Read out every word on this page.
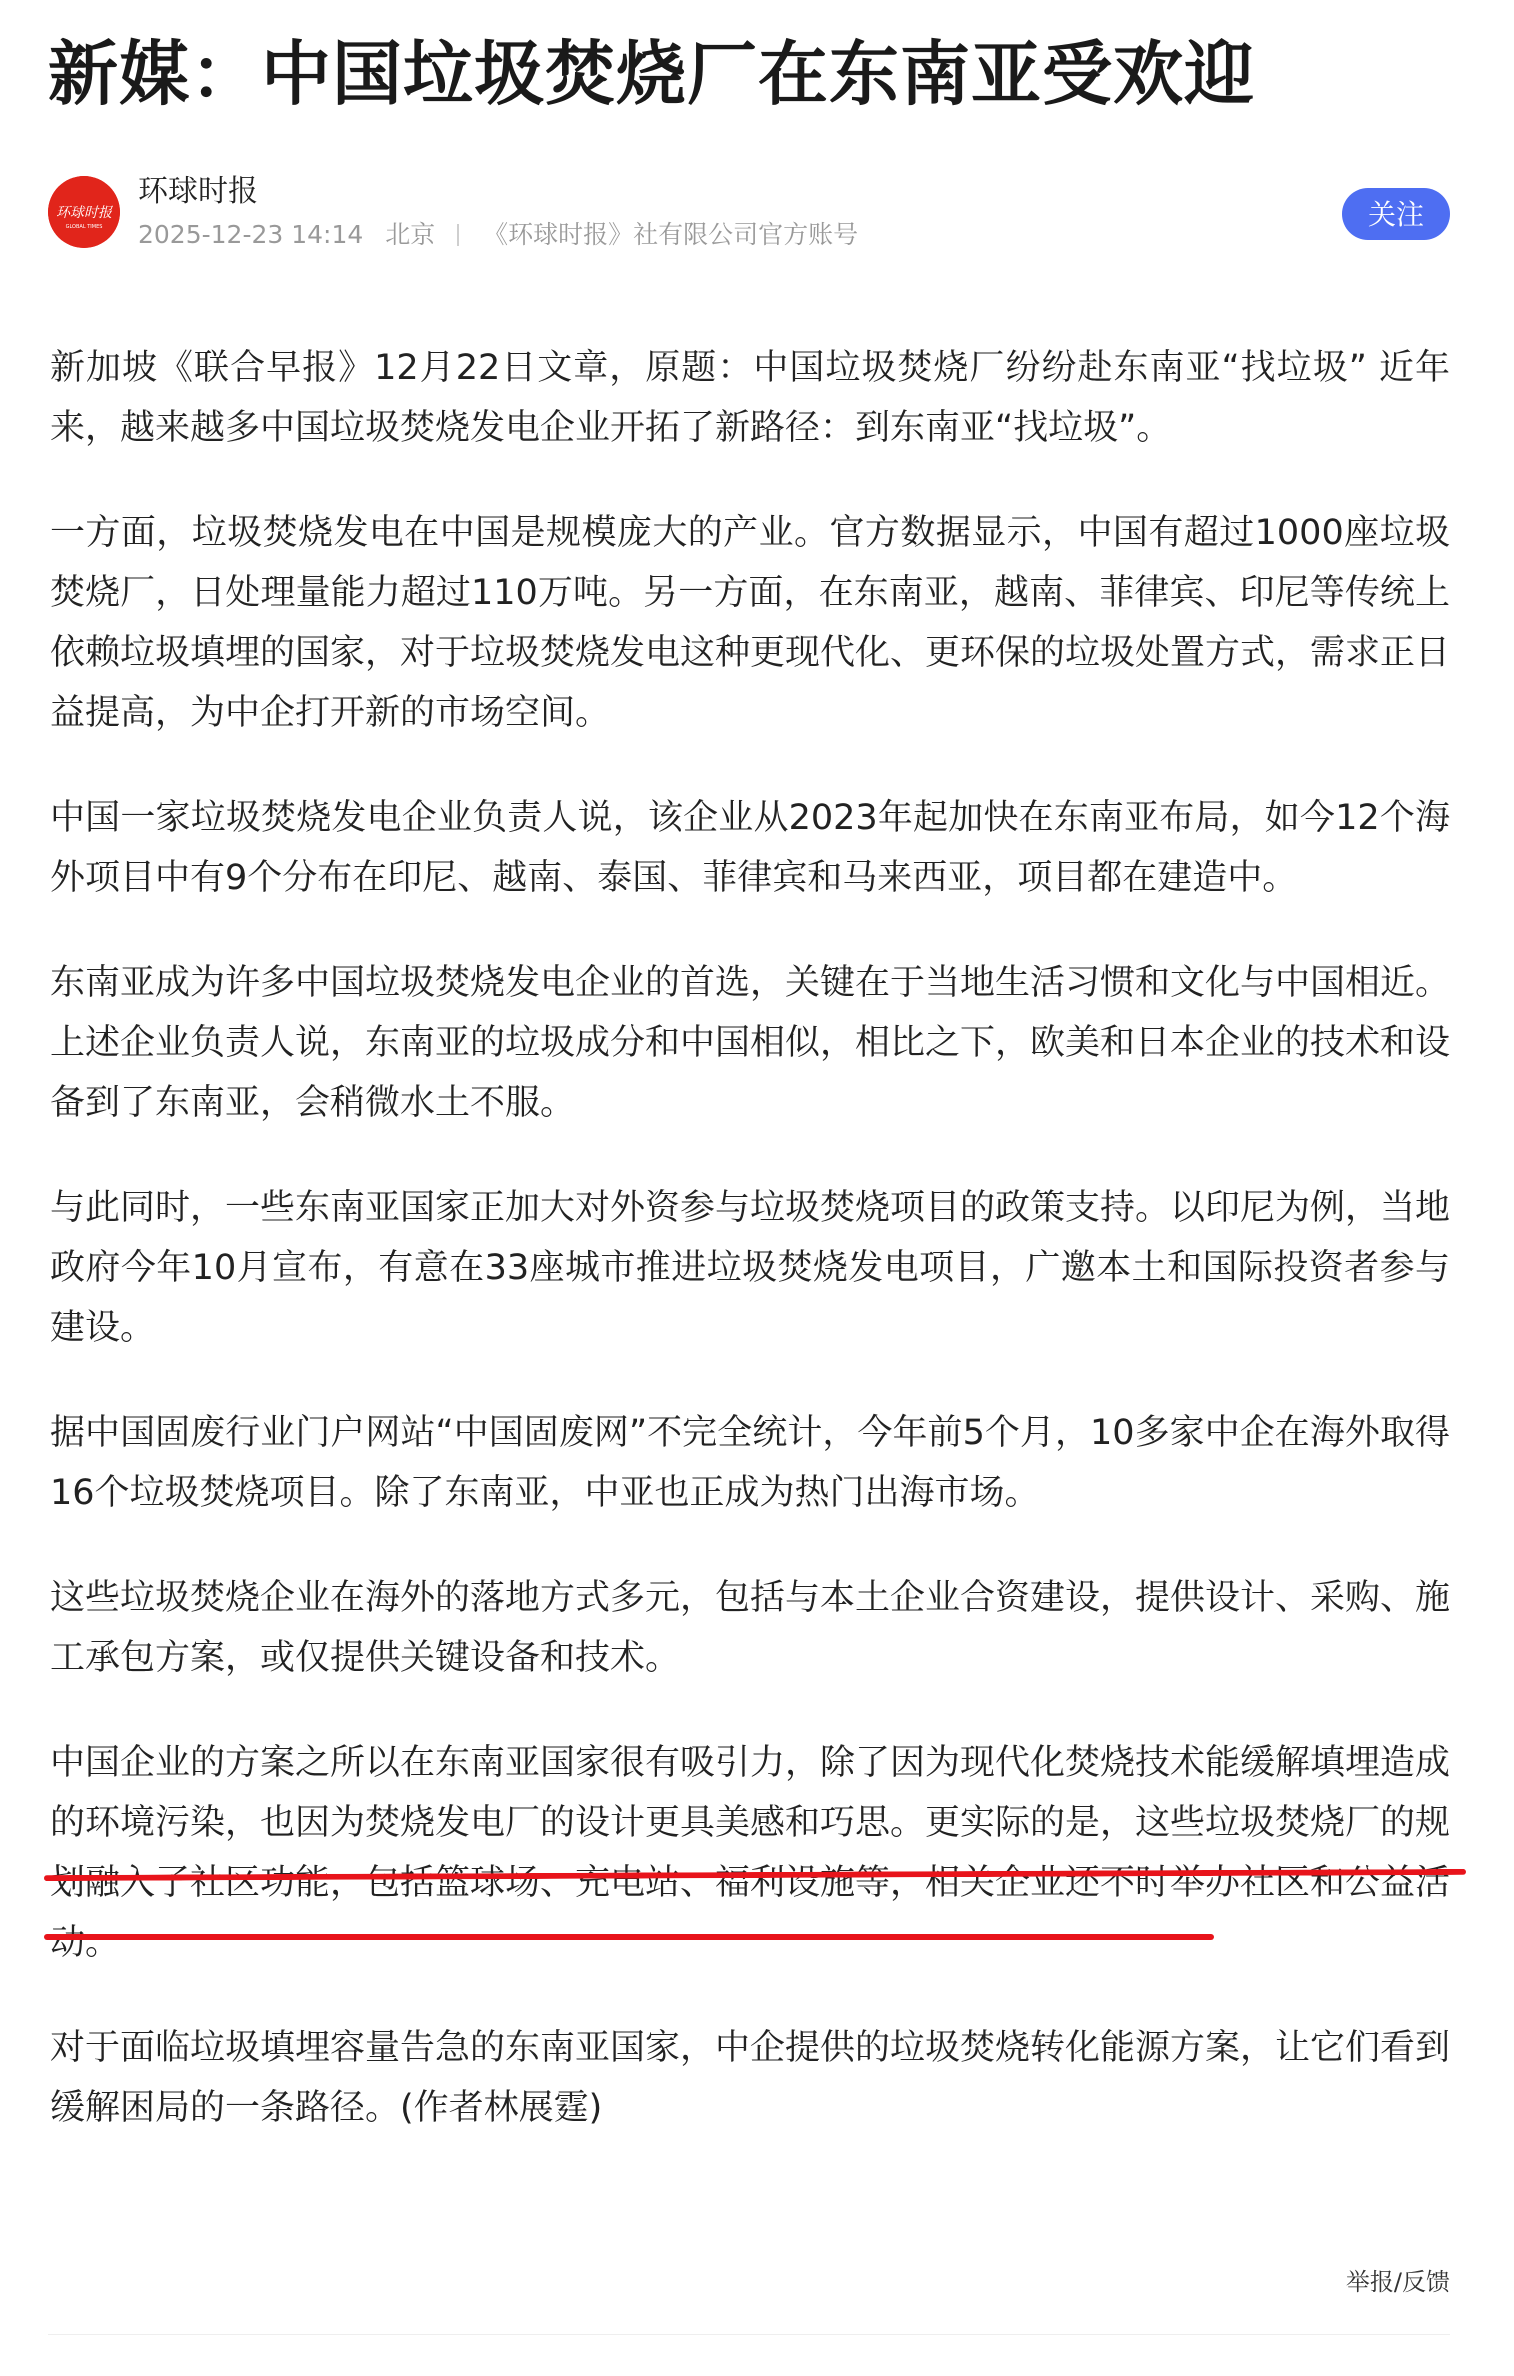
新媒：中国垃圾焚烧厂在东南亚受欢迎
环球时报
GLOBAL TIMES
环球时报
2025-12-23 14:14 北京 《环球时报》社有限公司官方账号
关注

新加坡《联合早报》12月22日文章，原题：中国垃圾焚烧厂纷纷赴东南亚“找垃圾” 近年来，越来越多中国垃圾焚烧发电企业开拓了新路径：到东南亚“找垃圾”。

一方面，垃圾焚烧发电在中国是规模庞大的产业。官方数据显示，中国有超过1000座垃圾焚烧厂，日处理量能力超过110万吨。另一方面，在东南亚，越南、菲律宾、印尼等传统上依赖垃圾填埋的国家，对于垃圾焚烧发电这种更现代化、更环保的垃圾处置方式，需求正日益提高，为中企打开新的市场空间。

中国一家垃圾焚烧发电企业负责人说，该企业从2023年起加快在东南亚布局，如今12个海外项目中有9个分布在印尼、越南、泰国、菲律宾和马来西亚，项目都在建造中。

东南亚成为许多中国垃圾焚烧发电企业的首选，关键在于当地生活习惯和文化与中国相近。上述企业负责人说，东南亚的垃圾成分和中国相似，相比之下，欧美和日本企业的技术和设备到了东南亚，会稍微水土不服。

与此同时，一些东南亚国家正加大对外资参与垃圾焚烧项目的政策支持。以印尼为例，当地政府今年10月宣布，有意在33座城市推进垃圾焚烧发电项目，广邀本土和国际投资者参与建设。

据中国固废行业门户网站“中国固废网”不完全统计，今年前5个月，10多家中企在海外取得16个垃圾焚烧项目。除了东南亚，中亚也正成为热门出海市场。

这些垃圾焚烧企业在海外的落地方式多元，包括与本土企业合资建设，提供设计、采购、施工承包方案，或仅提供关键设备和技术。

中国企业的方案之所以在东南亚国家很有吸引力，除了因为现代化焚烧技术能缓解填埋造成的环境污染，也因为焚烧发电厂的设计更具美感和巧思。更实际的是，这些垃圾焚烧厂的规划融入了社区功能，包括篮球场、充电站、福利设施等，相关企业还不时举办社区和公益活动。

对于面临垃圾填埋容量告急的东南亚国家，中企提供的垃圾焚烧转化能源方案，让它们看到缓解困局的一条路径。(作者林展霆)

举报/反馈
